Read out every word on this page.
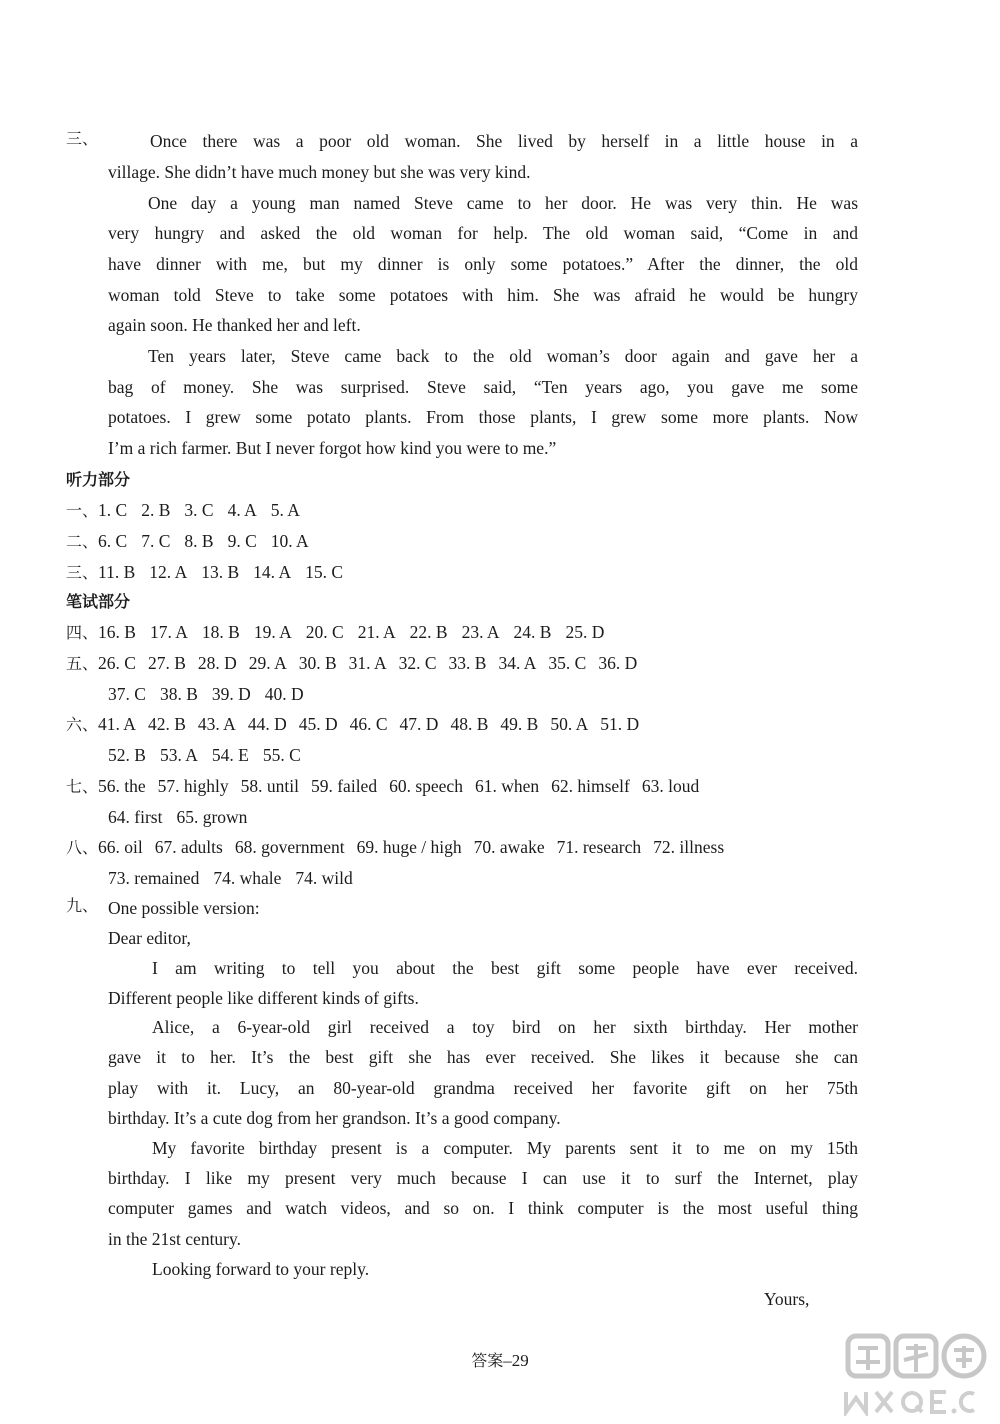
三、	Once there was a poor old woman. She lived by herself in a little house in a
village. She didn’t have much money but she was very kind.
One day a young man named Steve came to her door. He was very thin. He was
very hungry and asked the old woman for help. The old woman said, “Come in and
have dinner with me, but my dinner is only some potatoes.” After the dinner, the old
woman told Steve to take some potatoes with him. She was afraid he would be hungry
again soon. He thanked her and left.
Ten years later, Steve came back to the old woman’s door again and gave her a
bag of money. She was surprised. Steve said, “Ten years ago, you gave me some
potatoes. I grew some potato plants. From those plants, I grew some more plants. Now
I’m a rich farmer. But I never forgot how kind you were to me.”
听力部分
一、1. C 2. B 3. C 4. A 5. A
二、6. C 7. C 8. B 9. C 10. A
三、11. B 12. A 13. B 14. A 15. C
笔试部分
四、16. B 17. A 18. B 19. A 20. C 21. A 22. B 23. A 24. B 25. D
五、26. C 27. B 28. D 29. A 30. B 31. A 32. C 33. B 34. A 35. C 36. D
37. C 38. B 39. D 40. D
六、41. A 42. B 43. A 44. D 45. D 46. C 47. D 48. B 49. B 50. A 51. D
52. B 53. A 54. E 55. C
七、56. the 57. highly 58. until 59. failed 60. speech 61. when 62. himself 63. loud
64. first 65. grown
八、66. oil 67. adults 68. government 69. huge / high 70. awake 71. research 72. illness
73. remained 74. whale 74. wild
九、 One possible version:
Dear editor,
I am writing to tell you about the best gift some people have ever received.
Different people like different kinds of gifts.
Alice, a 6-year-old girl received a toy bird on her sixth birthday. Her mother
gave it to her. It’s the best gift she has ever received. She likes it because she can
play with it. Lucy, an 80-year-old grandma received her favorite gift on her 75th
birthday. It’s a cute dog from her grandson. It’s a good company.
My favorite birthday present is a computer. My parents sent it to me on my 15th
birthday. I like my present very much because I can use it to surf the Internet, play
computer games and watch videos, and so on. I think computer is the most useful thing
in the 21st century.
Looking forward to your reply.
Yours,
答案–29
